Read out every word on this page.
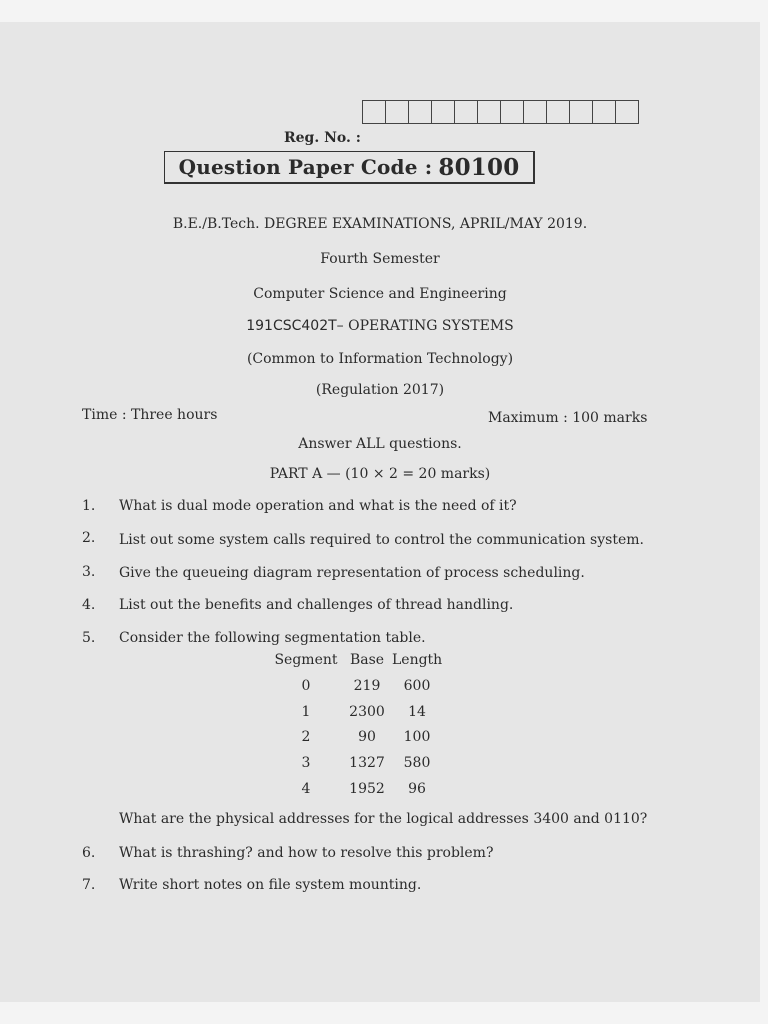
Reg. No. :
Question Paper Code : 80100
B.E./B.Tech. DEGREE EXAMINATIONS, APRIL/MAY 2019.
Fourth Semester
Computer Science and Engineering
191CSC402T– OPERATING SYSTEMS
(Common to Information Technology)
(Regulation 2017)
Time : Three hours	Maximum : 100 marks
Answer ALL questions.
PART A — (10 × 2 = 20 marks)
1. What is dual mode operation and what is the need of it?
2. List out some system calls required to control the communication system.
3. Give the queueing diagram representation of process scheduling.
4. List out the benefits and challenges of thread handling.
5. Consider the following segmentation table.
Segment Base Length
0	219	600
1	2300	14
2	90	100
3	1327	580
4	1952	96
What are the physical addresses for the logical addresses 3400 and 0110?
6. What is thrashing? and how to resolve this problem?
7. Write short notes on file system mounting.
